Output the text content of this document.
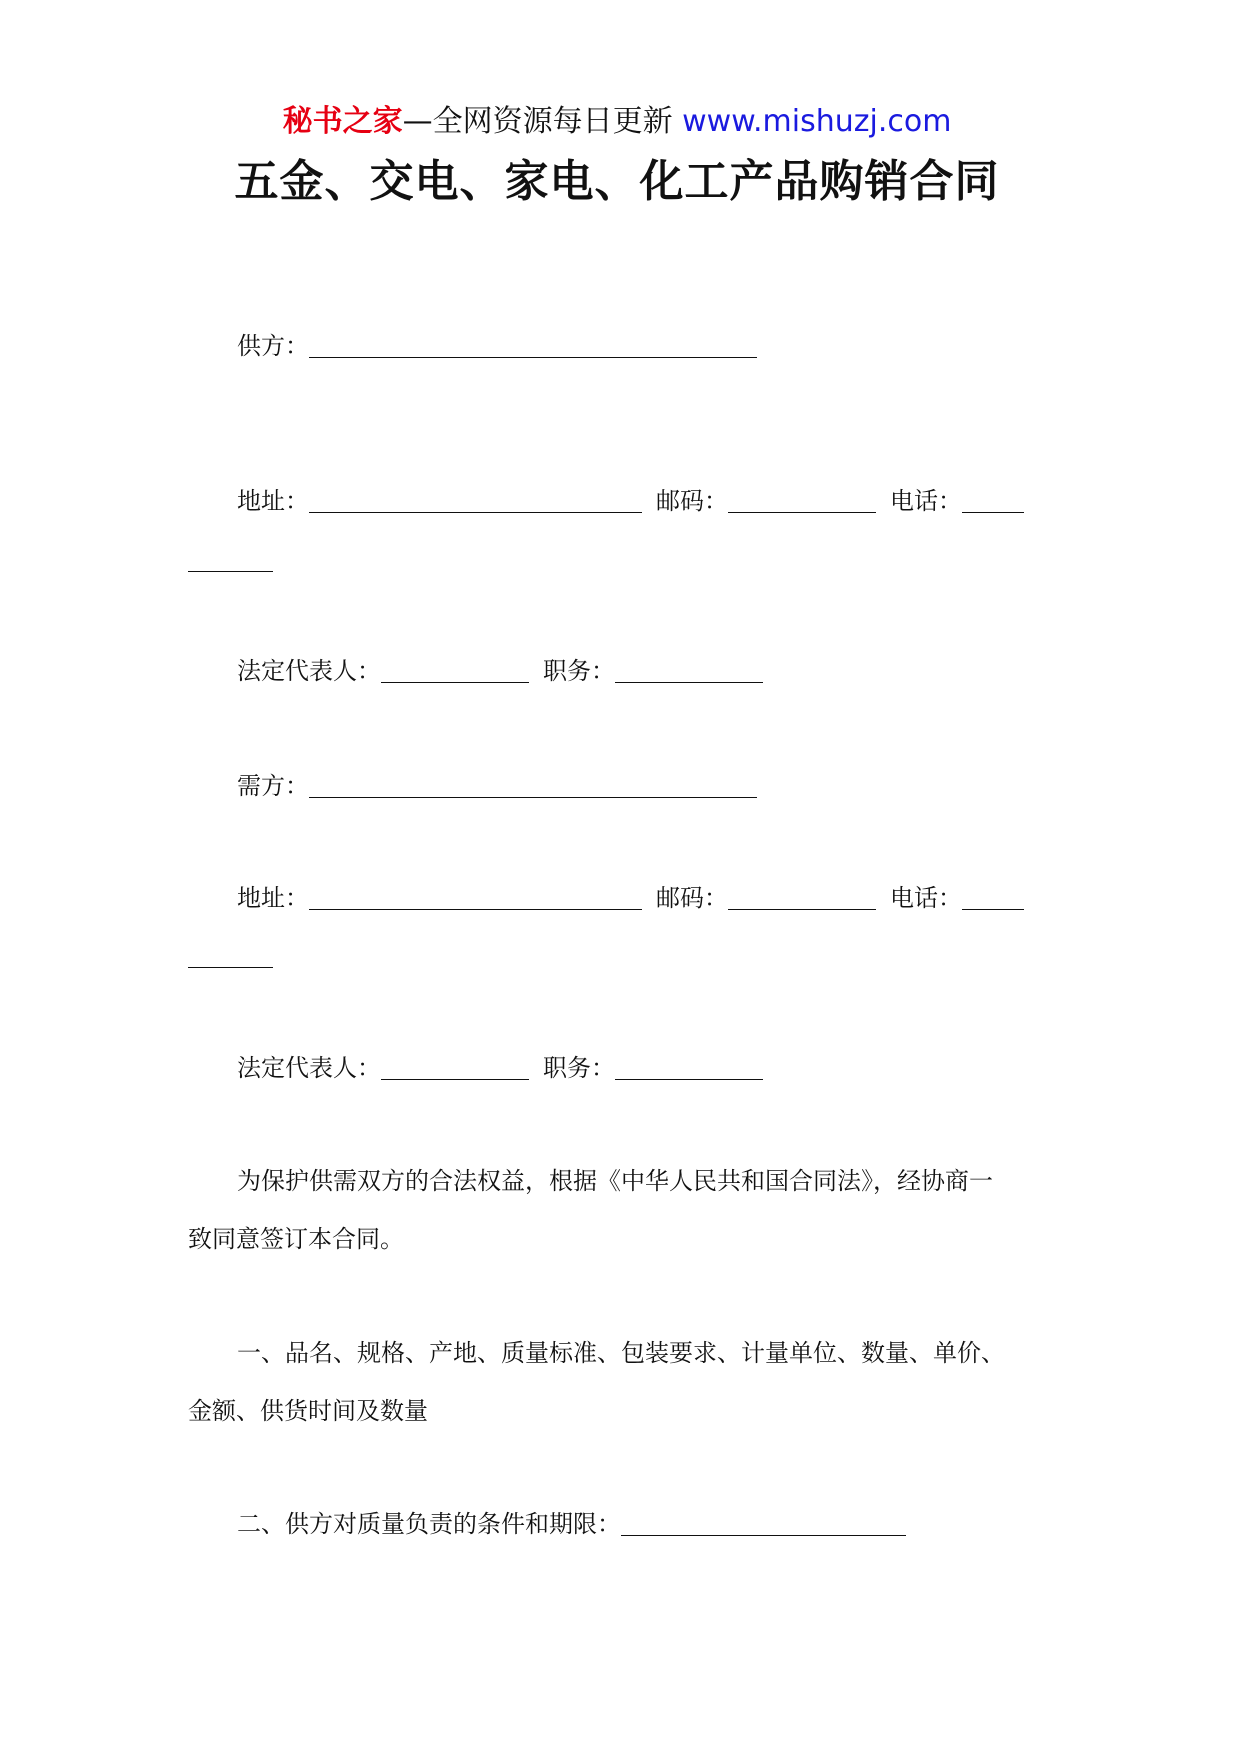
秘书之家—全网资源每日更新 www.mishuzj.com
五金、交电、家电、化工产品购销合同
供方：
地址：	邮码：	电话：
法定代表人：	职务：
需方：
地址：	邮码：	电话：
法定代表人：	职务：
为保护供需双方的合法权益，根据《中华人民共和国合同法》，经协商一
致同意签订本合同。
一、品名、规格、产地、质量标准、包装要求、计量单位、数量、单价、
金额、供货时间及数量
二、供方对质量负责的条件和期限：
